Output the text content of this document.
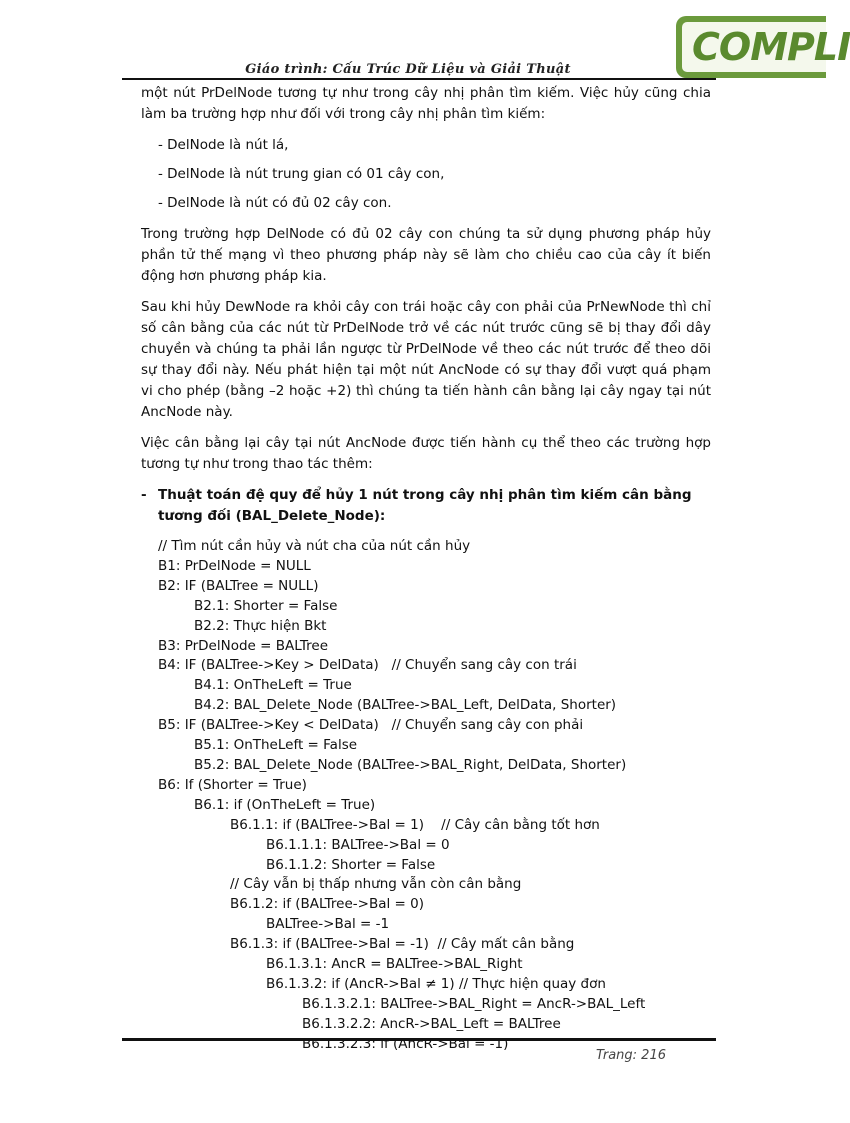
COMPLI
Giáo trình: Cấu Trúc Dữ Liệu và Giải Thuật

một nút PrDelNode tương tự như trong cây nhị phân tìm kiếm. Việc hủy cũng chia làm ba trường hợp như đối với trong cây nhị phân tìm kiếm:

- DelNode là nút lá,
- DelNode là nút trung gian có 01 cây con,
- DelNode là nút có đủ 02 cây con.

Trong trường hợp DelNode có đủ 02 cây con chúng ta sử dụng phương pháp hủy phần tử thế mạng vì theo phương pháp này sẽ làm cho chiều cao của cây ít biến động hơn phương pháp kia.

Sau khi hủy DewNode ra khỏi cây con trái hoặc cây con phải của PrNewNode thì chỉ số cân bằng của các nút từ PrDelNode trở về các nút trước cũng sẽ bị thay đổi dây chuyền và chúng ta phải lần ngược từ PrDelNode về theo các nút trước để theo dõi sự thay đổi này. Nếu phát hiện tại một nút AncNode có sự thay đổi vượt quá phạm vi cho phép (bằng –2 hoặc +2) thì chúng ta tiến hành cân bằng lại cây ngay tại nút AncNode này.

Việc cân bằng lại cây tại nút AncNode được tiến hành cụ thể theo các trường hợp tương tự như trong thao tác thêm:

- Thuật toán đệ quy để hủy 1 nút trong cây nhị phân tìm kiếm cân bằng tương đối (BAL_Delete_Node):
// Tìm nút cần hủy và nút cha của nút cần hủy
B1: PrDelNode = NULL
B2: IF (BALTree = NULL)
B2.1: Shorter = False
B2.2: Thực hiện Bkt
B3: PrDelNode = BALTree
B4: IF (BALTree->Key > DelData)   // Chuyển sang cây con trái
B4.1: OnTheLeft = True
B4.2: BAL_Delete_Node (BALTree->BAL_Left, DelData, Shorter)
B5: IF (BALTree->Key < DelData)   // Chuyển sang cây con phải
B5.1: OnTheLeft = False
B5.2: BAL_Delete_Node (BALTree->BAL_Right, DelData, Shorter)
B6: If (Shorter = True)
B6.1: if (OnTheLeft = True)
B6.1.1: if (BALTree->Bal = 1)    // Cây cân bằng tốt hơn
B6.1.1.1: BALTree->Bal = 0
B6.1.1.2: Shorter = False
// Cây vẫn bị thấp nhưng vẫn còn cân bằng
B6.1.2: if (BALTree->Bal = 0)
BALTree->Bal = -1
B6.1.3: if (BALTree->Bal = -1)  // Cây mất cân bằng
B6.1.3.1: AncR = BALTree->BAL_Right
B6.1.3.2: if (AncR->Bal ≠ 1) // Thực hiện quay đơn
B6.1.3.2.1: BALTree->BAL_Right = AncR->BAL_Left
B6.1.3.2.2: AncR->BAL_Left = BALTree
B6.1.3.2.3: if (AncR->Bal = -1)
Trang: 216
